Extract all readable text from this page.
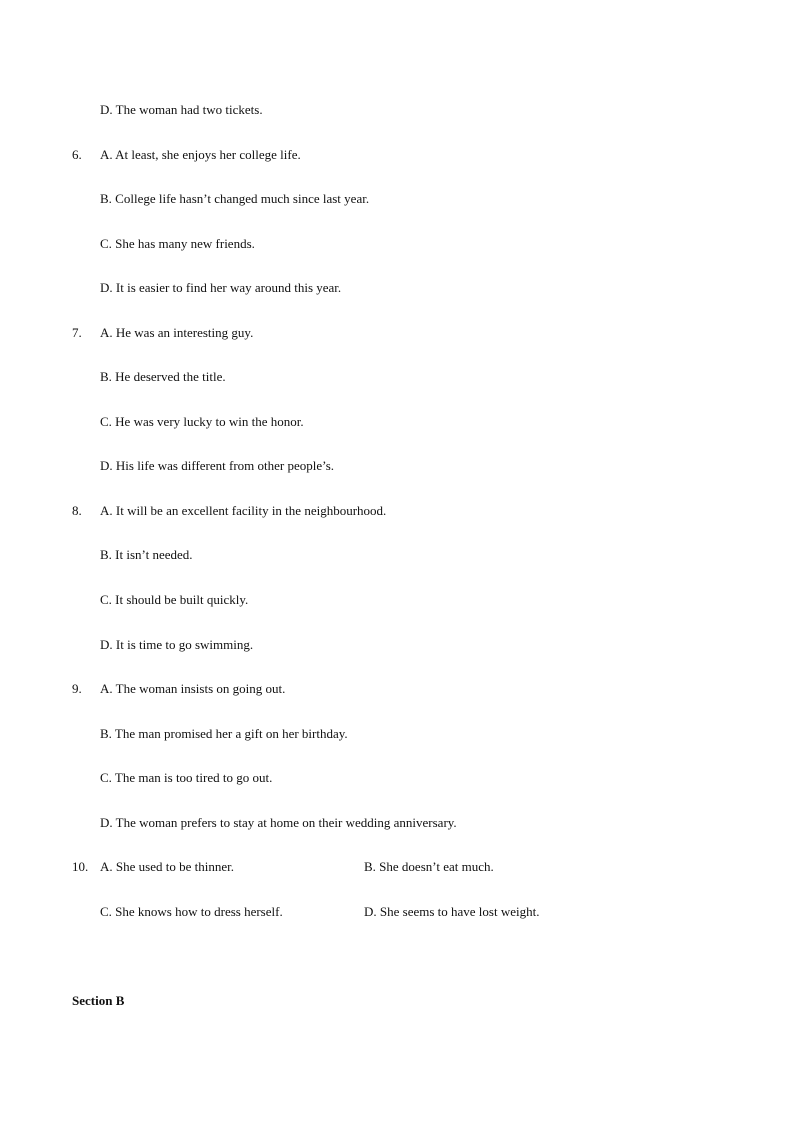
D. The woman had two tickets.
6. A. At least, she enjoys her college life.
B. College life hasn’t changed much since last year.
C. She has many new friends.
D. It is easier to find her way around this year.
7. A. He was an interesting guy.
B. He deserved the title.
C. He was very lucky to win the honor.
D. His life was different from other people’s.
8. A. It will be an excellent facility in the neighbourhood.
B. It isn’t needed.
C. It should be built quickly.
D. It is time to go swimming.
9. A. The woman insists on going out.
B. The man promised her a gift on her birthday.
C. The man is too tired to go out.
D. The woman prefers to stay at home on their wedding anniversary.
10. A. She used to be thinner.	B. She doesn’t eat much.
C. She knows how to dress herself.	D. She seems to have lost weight.
Section B
